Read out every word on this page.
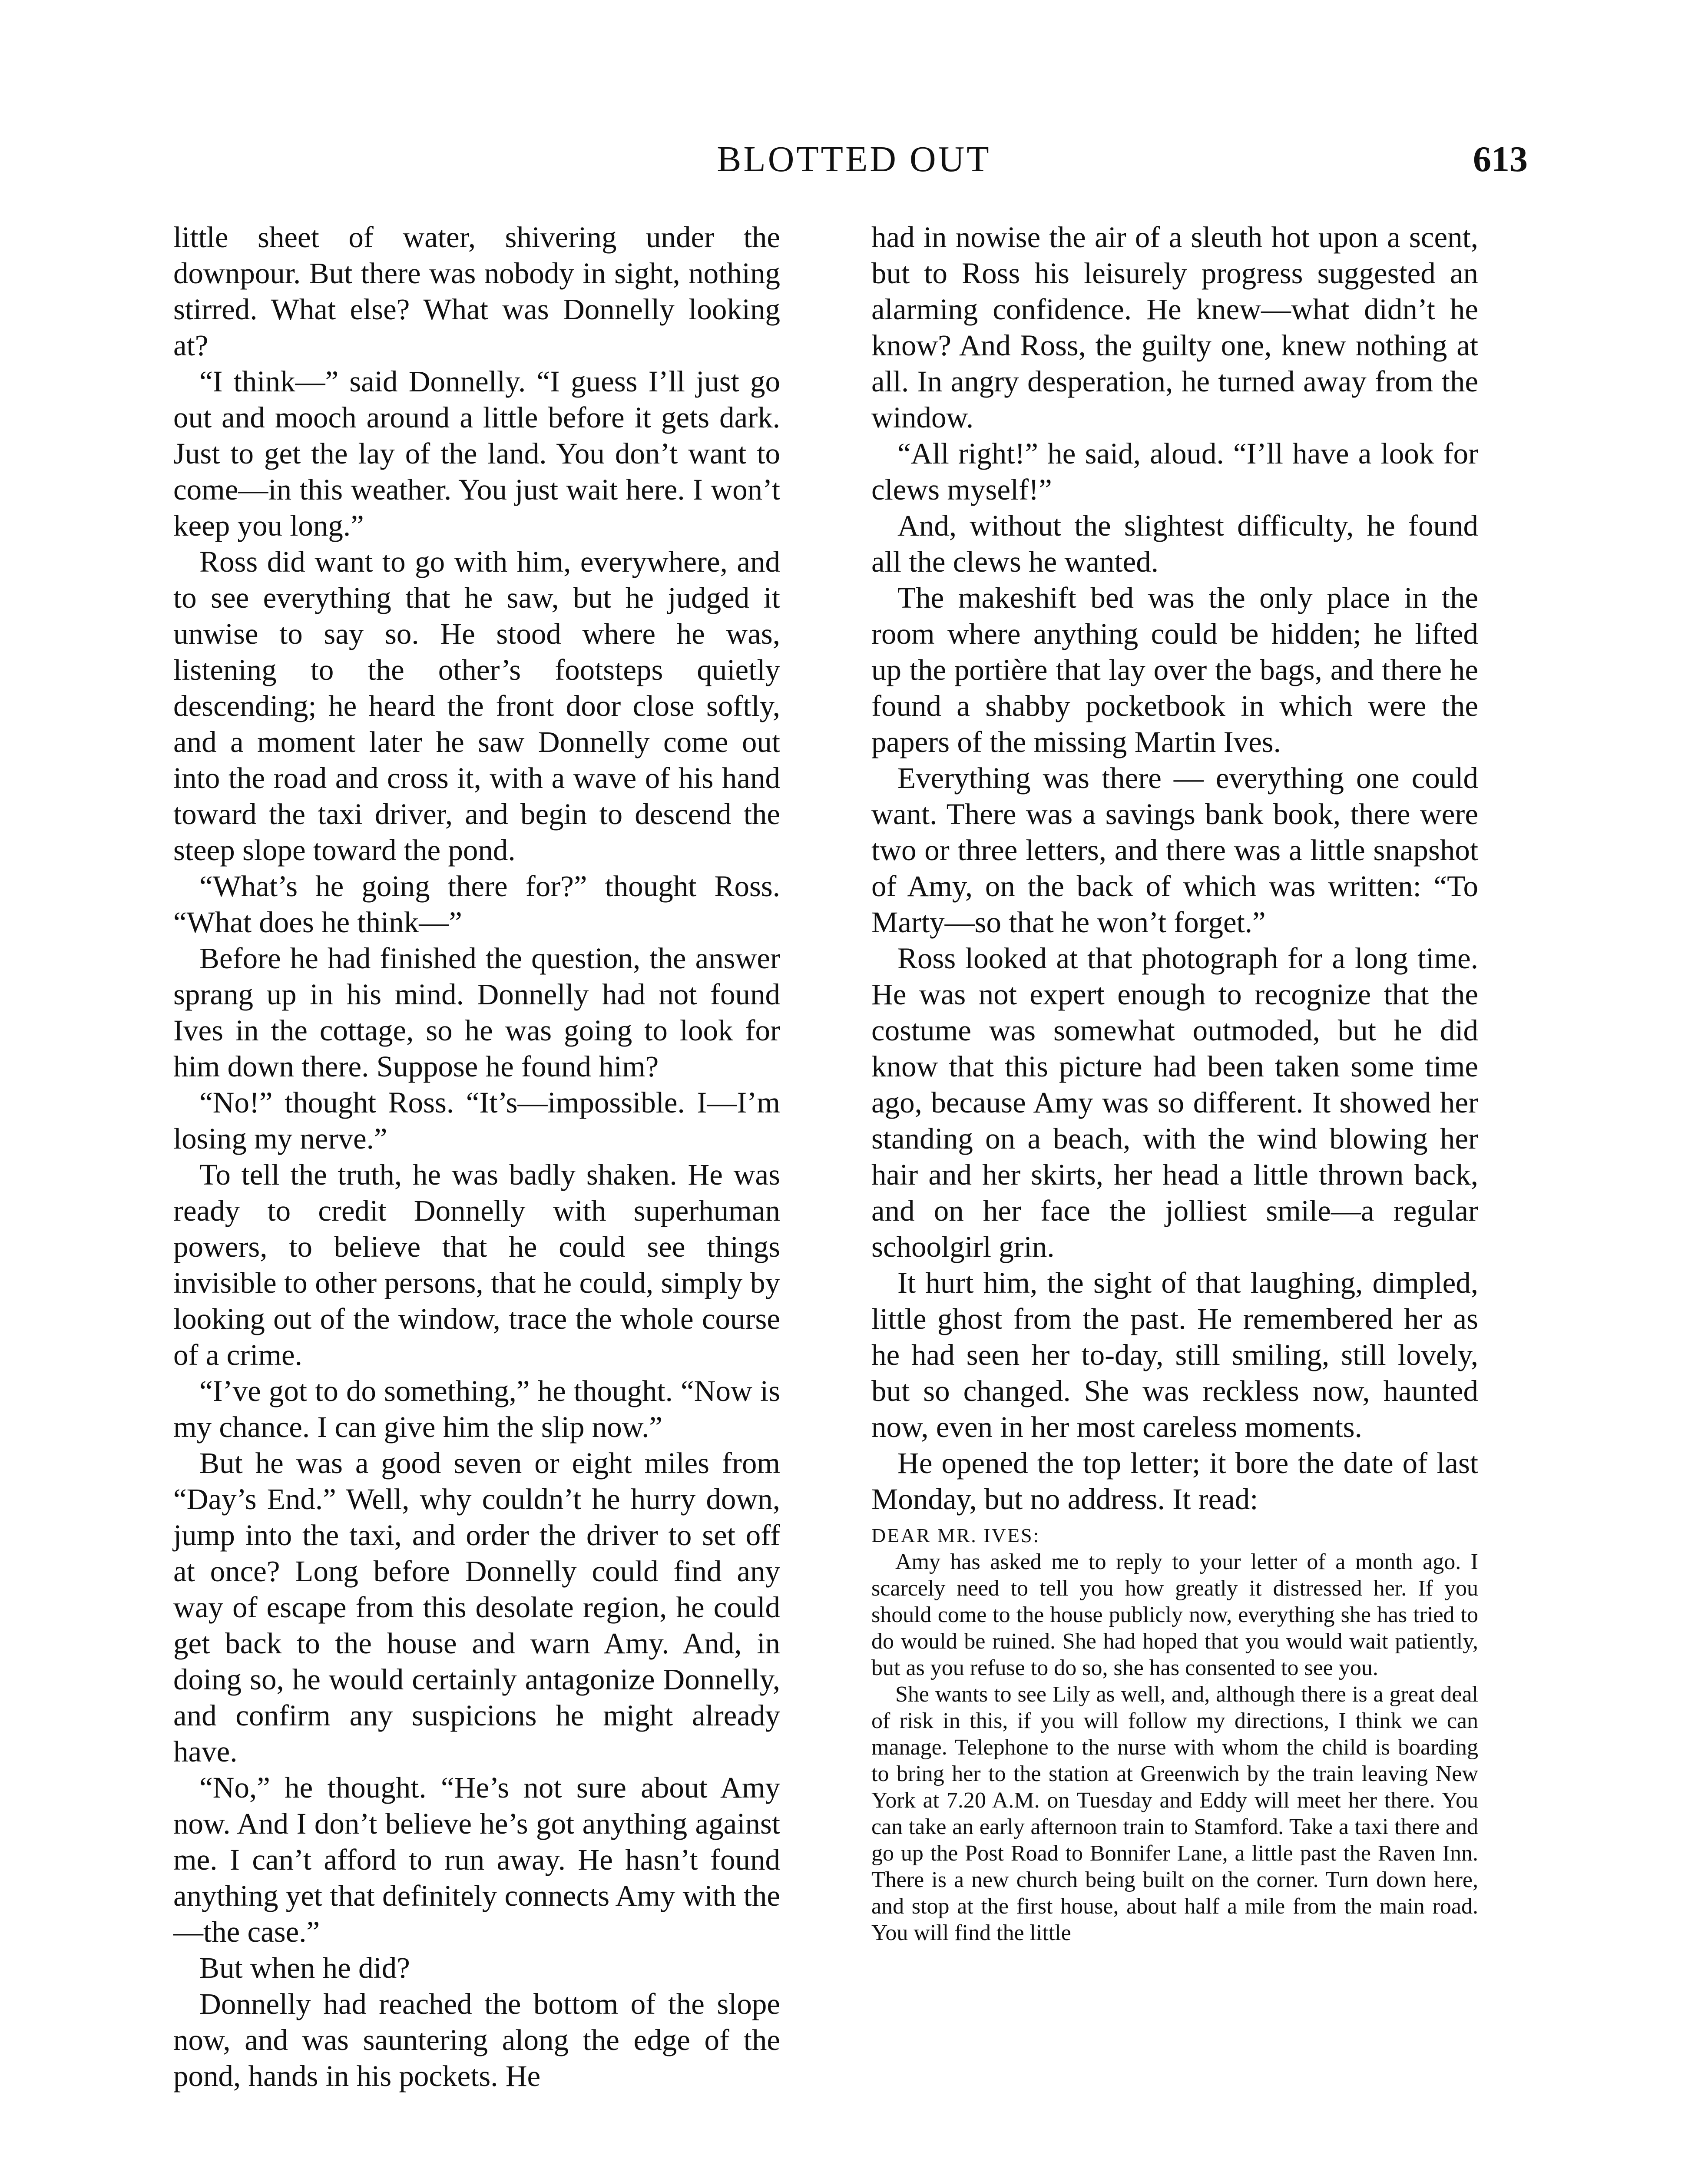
BLOTTED OUT	613

little sheet of water, shivering under the downpour. But there was nobody in sight, nothing stirred. What else? What was Donnelly looking at?

“I think—” said Donnelly. “I guess I’ll just go out and mooch around a little before it gets dark. Just to get the lay of the land. You don’t want to come—in this weather. You just wait here. I won’t keep you long.”

Ross did want to go with him, everywhere, and to see everything that he saw, but he judged it unwise to say so. He stood where he was, listening to the other’s footsteps quietly descending; he heard the front door close softly, and a moment later he saw Donnelly come out into the road and cross it, with a wave of his hand toward the taxi driver, and begin to descend the steep slope toward the pond.

“What’s he going there for?” thought Ross. “What does he think—”

Before he had finished the question, the answer sprang up in his mind. Donnelly had not found Ives in the cottage, so he was going to look for him down there. Suppose he found him?

“No!” thought Ross. “It’s—impossible. I—I’m losing my nerve.”

To tell the truth, he was badly shaken. He was ready to credit Donnelly with superhuman powers, to believe that he could see things invisible to other persons, that he could, simply by looking out of the window, trace the whole course of a crime.

“I’ve got to do something,” he thought. “Now is my chance. I can give him the slip now.”

But he was a good seven or eight miles from “Day’s End.” Well, why couldn’t he hurry down, jump into the taxi, and order the driver to set off at once? Long before Donnelly could find any way of escape from this desolate region, he could get back to the house and warn Amy. And, in doing so, he would certainly antagonize Donnelly, and confirm any suspicions he might already have.

“No,” he thought. “He’s not sure about Amy now. And I don’t believe he’s got anything against me. I can’t afford to run away. He hasn’t found anything yet that definitely connects Amy with the—the case.”

But when he did?

Donnelly had reached the bottom of the slope now, and was sauntering along the edge of the pond, hands in his pockets. He

had in nowise the air of a sleuth hot upon a scent, but to Ross his leisurely progress suggested an alarming confidence. He knew—what didn’t he know? And Ross, the guilty one, knew nothing at all. In angry desperation, he turned away from the window.

“All right!” he said, aloud. “I’ll have a look for clews myself!”

And, without the slightest difficulty, he found all the clews he wanted.

The makeshift bed was the only place in the room where anything could be hidden; he lifted up the portière that lay over the bags, and there he found a shabby pocketbook in which were the papers of the missing Martin Ives.

Everything was there — everything one could want. There was a savings bank book, there were two or three letters, and there was a little snapshot of Amy, on the back of which was written: “To Marty—so that he won’t forget.”

Ross looked at that photograph for a long time. He was not expert enough to recognize that the costume was somewhat outmoded, but he did know that this picture had been taken some time ago, because Amy was so different. It showed her standing on a beach, with the wind blowing her hair and her skirts, her head a little thrown back, and on her face the jolliest smile—a regular schoolgirl grin.

It hurt him, the sight of that laughing, dimpled, little ghost from the past. He remembered her as he had seen her to-day, still smiling, still lovely, but so changed. She was reckless now, haunted now, even in her most careless moments.

He opened the top letter; it bore the date of last Monday, but no address. It read:

DEAR MR. IVES:

Amy has asked me to reply to your letter of a month ago. I scarcely need to tell you how greatly it distressed her. If you should come to the house publicly now, everything she has tried to do would be ruined. She had hoped that you would wait patiently, but as you refuse to do so, she has consented to see you.

She wants to see Lily as well, and, although there is a great deal of risk in this, if you will follow my directions, I think we can manage. Telephone to the nurse with whom the child is boarding to bring her to the station at Greenwich by the train leaving New York at 7.20 A.M. on Tuesday and Eddy will meet her there. You can take an early afternoon train to Stamford. Take a taxi there and go up the Post Road to Bonnifer Lane, a little past the Raven Inn. There is a new church being built on the corner. Turn down here, and stop at the first house, about half a mile from the main road. You will find the little
